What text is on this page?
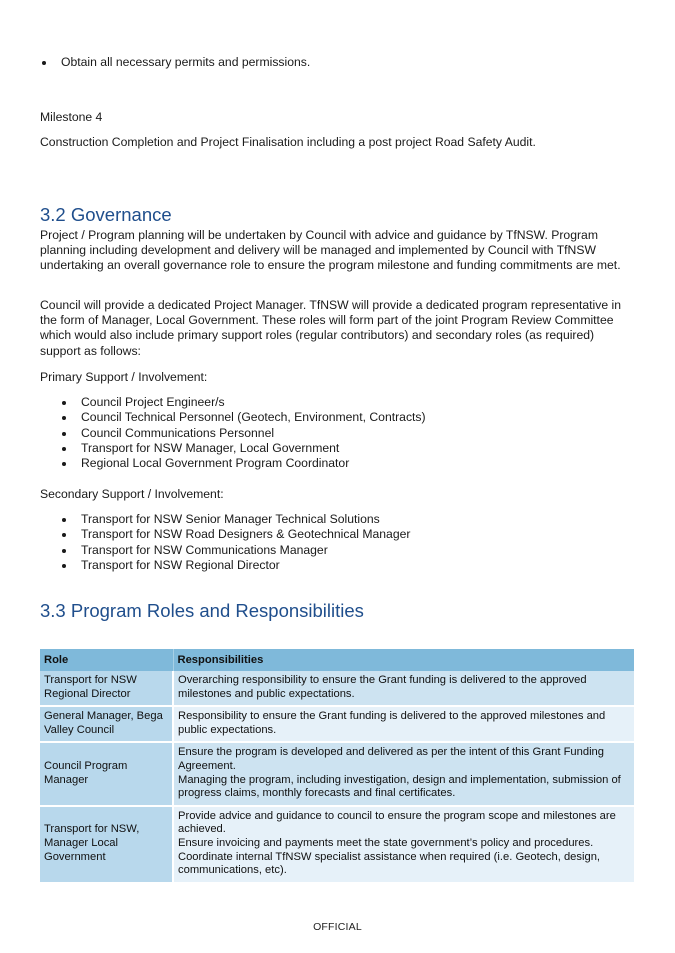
Obtain all necessary permits and permissions.
Milestone 4
Construction Completion and Project Finalisation including a post project Road Safety Audit.
3.2 Governance
Project / Program planning will be undertaken by Council with advice and guidance by TfNSW. Program planning including development and delivery will be managed and implemented by Council with TfNSW undertaking an overall governance role to ensure the program milestone and funding commitments are met.
Council will provide a dedicated Project Manager. TfNSW will provide a dedicated program representative in the form of Manager, Local Government. These roles will form part of the joint Program Review Committee which would also include primary support roles (regular contributors) and secondary roles (as required) support as follows:
Primary Support / Involvement:
Council Project Engineer/s
Council Technical Personnel (Geotech, Environment, Contracts)
Council Communications Personnel
Transport for NSW Manager, Local Government
Regional Local Government Program Coordinator
Secondary Support / Involvement:
Transport for NSW Senior Manager Technical Solutions
Transport for NSW Road Designers & Geotechnical Manager
Transport for NSW Communications Manager
Transport for NSW Regional Director
3.3 Program Roles and Responsibilities
Role	Responsibilities
Transport for NSW Regional Director	Overarching responsibility to ensure the Grant funding is delivered to the approved milestones and public expectations.

General Manager, Bega Valley Council	Responsibility to ensure the Grant funding is delivered to the approved milestones and public expectations.

Council Program Manager	Ensure the program is developed and delivered as per the intent of this Grant Funding Agreement.
Managing the program, including investigation, design and implementation, submission of progress claims, monthly forecasts and final certificates.

Transport for NSW, Manager Local Government	Provide advice and guidance to council to ensure the program scope and milestones are achieved.
Ensure invoicing and payments meet the state government’s policy and procedures.
Coordinate internal TfNSW specialist assistance when required (i.e. Geotech, design, communications, etc).
OFFICIAL
